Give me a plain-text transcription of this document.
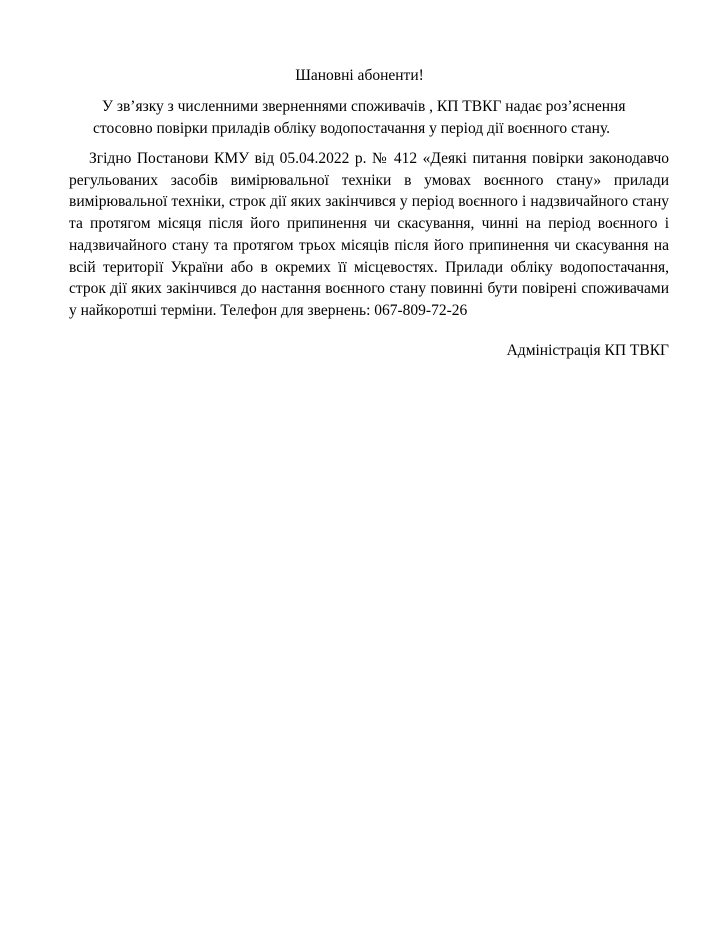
Шановні абоненти!
У зв’язку з численними зверненнями споживачів , КП ТВКГ надає роз’яснення
стосовно повірки приладів обліку водопостачання у період дії воєнного стану.

Згідно Постанови КМУ від 05.04.2022 р. № 412 «Деякі питання повірки законодавчо регульованих засобів вимірювальної техніки в умовах воєнного стану» прилади вимірювальної техніки, строк дії яких закінчився у період воєнного і надзвичайного стану та протягом місяця після його припинення чи скасування, чинні на період воєнного і надзвичайного стану та протягом трьох місяців після його припинення чи скасування на всій території України або в окремих її місцевостях. Прилади обліку водопостачання, строк дії яких закінчився до настання воєнного стану повинні бути повірені споживачами у найкоротші терміни. Телефон для звернень: 067-809-72-26

Адміністрація КП ТВКГ
